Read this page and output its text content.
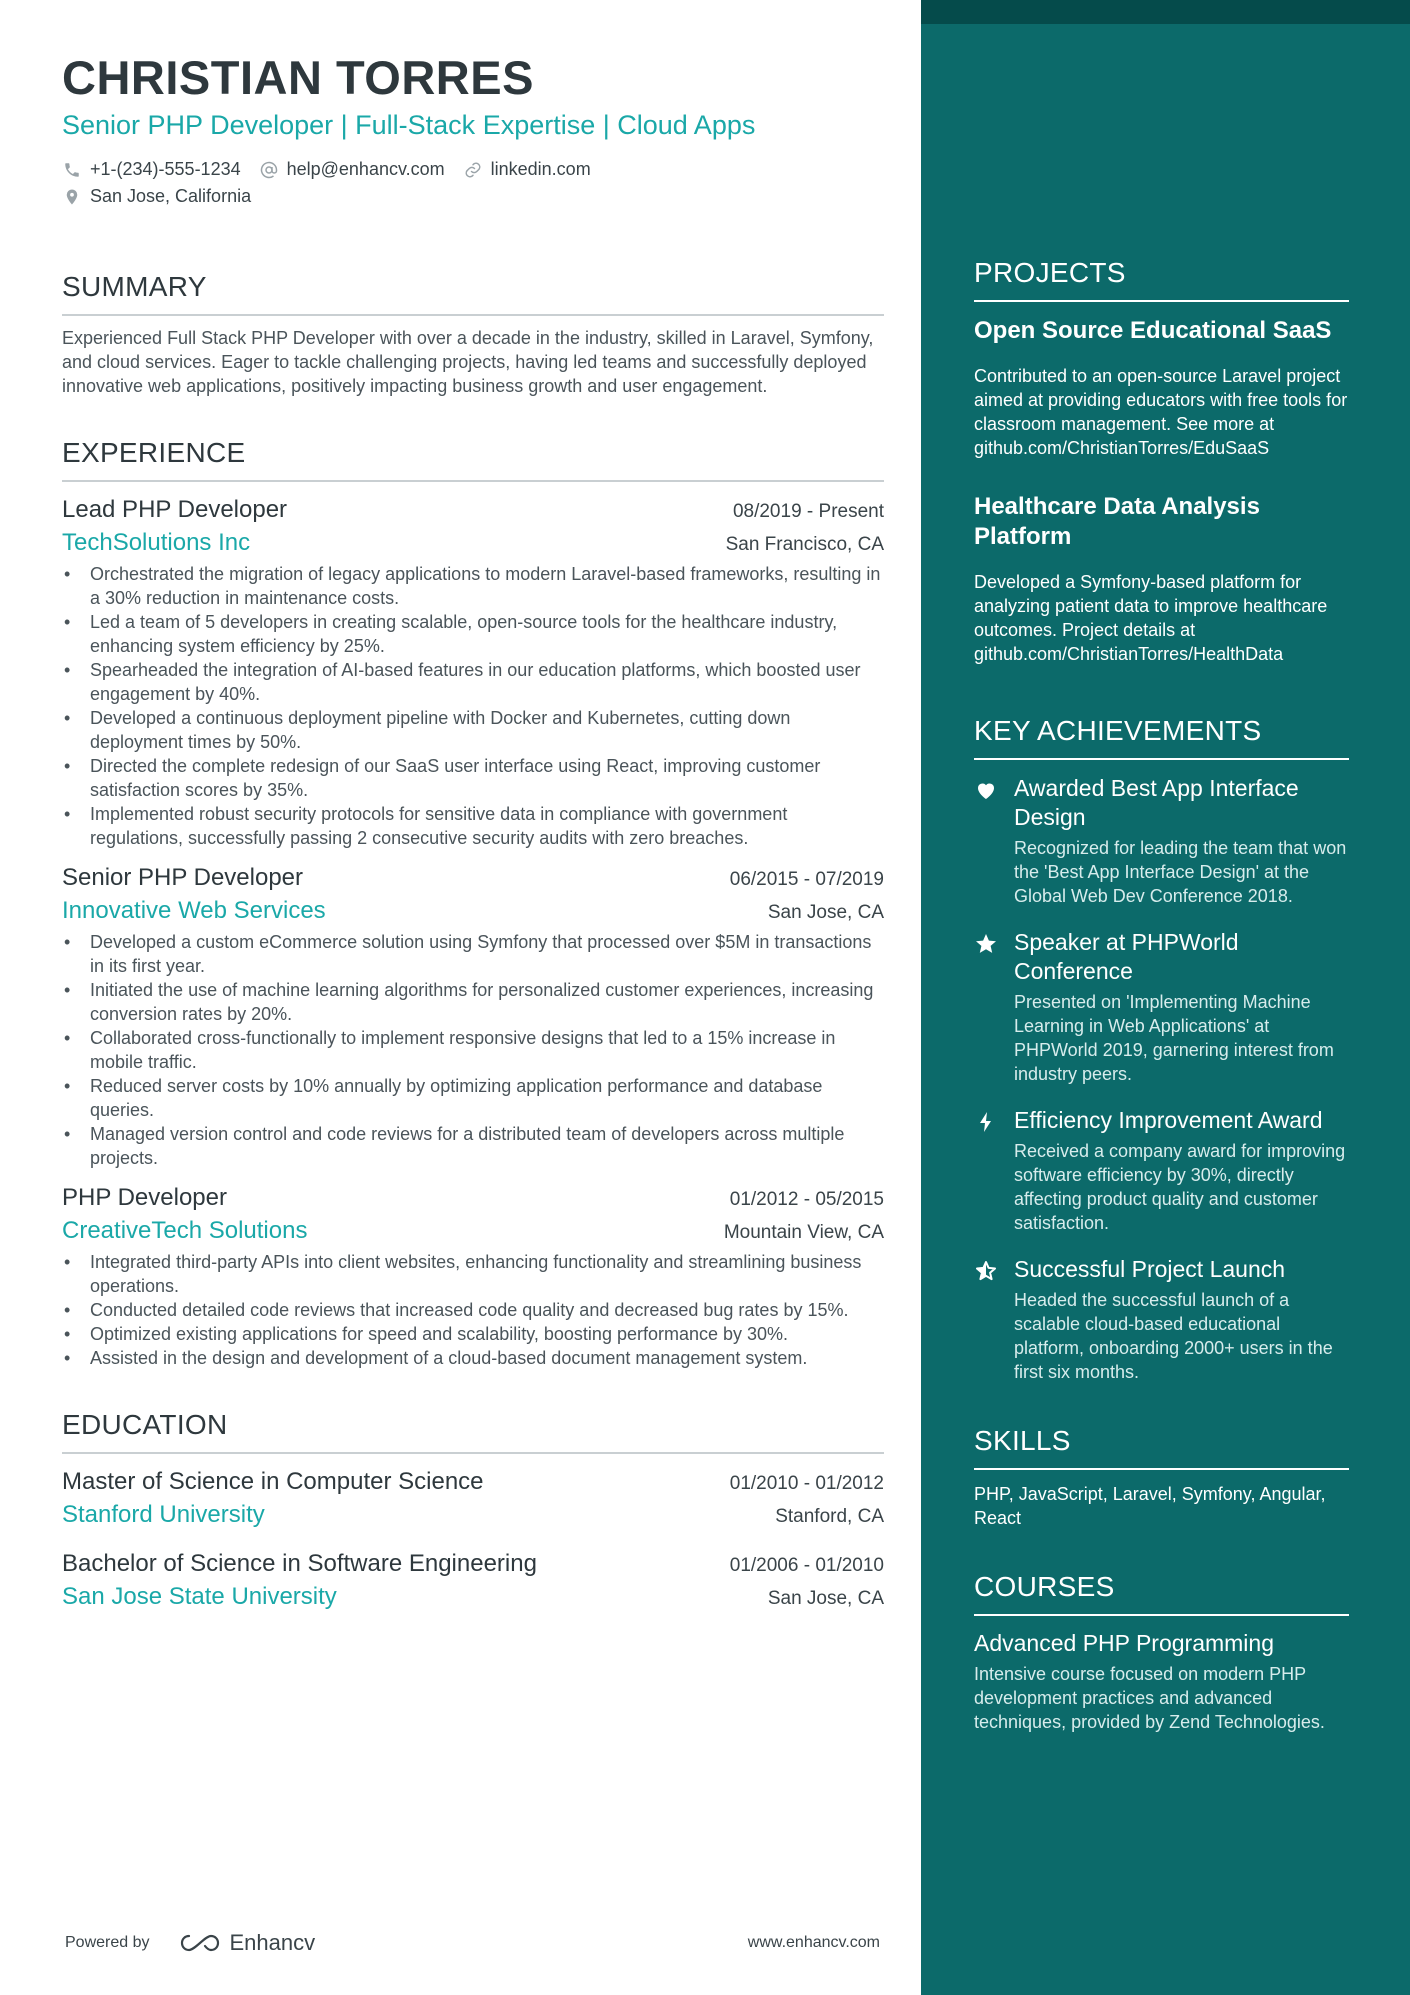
CHRISTIAN TORRES
Senior PHP Developer | Full-Stack Expertise | Cloud Apps
+1-(234)-555-1234	help@enhancv.com	linkedin.com
San Jose, California
SUMMARY
Experienced Full Stack PHP Developer with over a decade in the industry, skilled in Laravel, Symfony, and cloud services. Eager to tackle challenging projects, having led teams and successfully deployed innovative web applications, positively impacting business growth and user engagement.
EXPERIENCE
Lead PHP Developer	08/2019 - Present
TechSolutions Inc	San Francisco, CA
• Orchestrated the migration of legacy applications to modern Laravel-based frameworks, resulting in a 30% reduction in maintenance costs.
• Led a team of 5 developers in creating scalable, open-source tools for the healthcare industry, enhancing system efficiency by 25%.
• Spearheaded the integration of AI-based features in our education platforms, which boosted user engagement by 40%.
• Developed a continuous deployment pipeline with Docker and Kubernetes, cutting down deployment times by 50%.
• Directed the complete redesign of our SaaS user interface using React, improving customer satisfaction scores by 35%.
• Implemented robust security protocols for sensitive data in compliance with government regulations, successfully passing 2 consecutive security audits with zero breaches.
Senior PHP Developer	06/2015 - 07/2019
Innovative Web Services	San Jose, CA
• Developed a custom eCommerce solution using Symfony that processed over $5M in transactions in its first year.
• Initiated the use of machine learning algorithms for personalized customer experiences, increasing conversion rates by 20%.
• Collaborated cross-functionally to implement responsive designs that led to a 15% increase in mobile traffic.
• Reduced server costs by 10% annually by optimizing application performance and database queries.
• Managed version control and code reviews for a distributed team of developers across multiple projects.
PHP Developer	01/2012 - 05/2015
CreativeTech Solutions	Mountain View, CA
• Integrated third-party APIs into client websites, enhancing functionality and streamlining business operations.
• Conducted detailed code reviews that increased code quality and decreased bug rates by 15%.
• Optimized existing applications for speed and scalability, boosting performance by 30%.
• Assisted in the design and development of a cloud-based document management system.
EDUCATION
Master of Science in Computer Science	01/2010 - 01/2012
Stanford University	Stanford, CA
Bachelor of Science in Software Engineering	01/2006 - 01/2010
San Jose State University	San Jose, CA
Powered by	Enhancv	www.enhancv.com
PROJECTS
Open Source Educational SaaS
Contributed to an open-source Laravel project aimed at providing educators with free tools for classroom management. See more at github.com/ChristianTorres/EduSaaS
Healthcare Data Analysis Platform
Developed a Symfony-based platform for analyzing patient data to improve healthcare outcomes. Project details at github.com/ChristianTorres/HealthData
KEY ACHIEVEMENTS
Awarded Best App Interface Design
Recognized for leading the team that won the 'Best App Interface Design' at the Global Web Dev Conference 2018.
Speaker at PHPWorld Conference
Presented on 'Implementing Machine Learning in Web Applications' at PHPWorld 2019, garnering interest from industry peers.
Efficiency Improvement Award
Received a company award for improving software efficiency by 30%, directly affecting product quality and customer satisfaction.
Successful Project Launch
Headed the successful launch of a scalable cloud-based educational platform, onboarding 2000+ users in the first six months.
SKILLS
PHP, JavaScript, Laravel, Symfony, Angular, React
COURSES
Advanced PHP Programming
Intensive course focused on modern PHP development practices and advanced techniques, provided by Zend Technologies.
